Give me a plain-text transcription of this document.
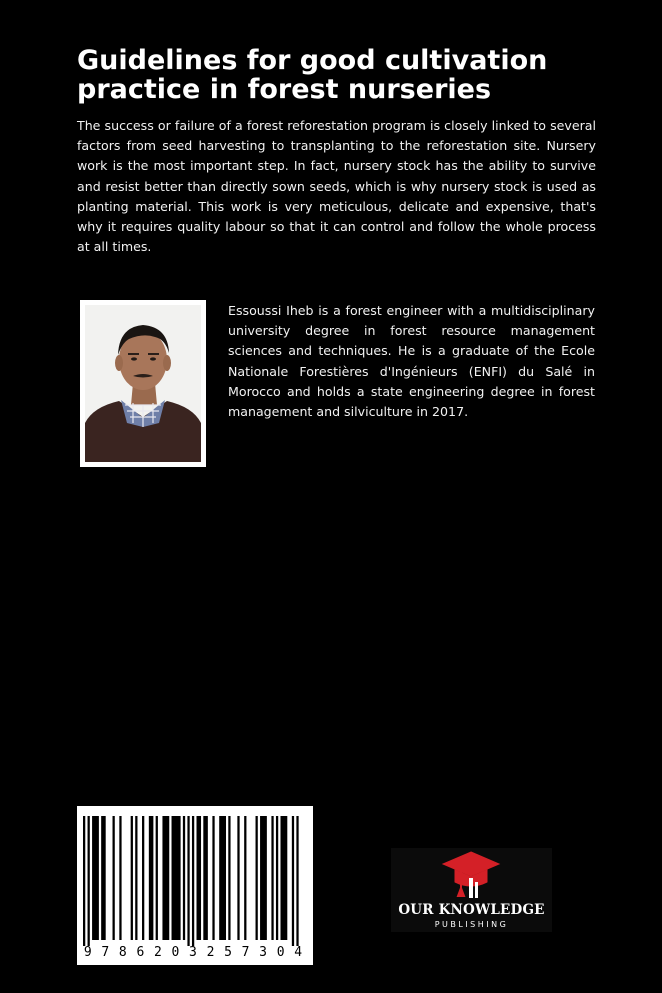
Guidelines for good cultivation practice in forest nurseries

The success or failure of a forest reforestation program is closely linked to several factors from seed harvesting to transplanting to the reforestation site. Nursery work is the most important step. In fact, nursery stock has the ability to survive and resist better than directly sown seeds, which is why nursery stock is used as planting material. This work is very meticulous, delicate and expensive, that's why it requires quality labour so that it can control and follow the whole process at all times.

Essoussi Iheb is a forest engineer with a multidisciplinary university degree in forest resource management sciences and techniques. He is a graduate of the Ecole Nationale Forestières d'Ingénieurs (ENFI) du Salé in Morocco and holds a state engineering degree in forest management and silviculture in 2017.

9 7 8 6 2 0 3 2 5 7 3 0 4
OUR KNOWLEDGE
PUBLISHING
